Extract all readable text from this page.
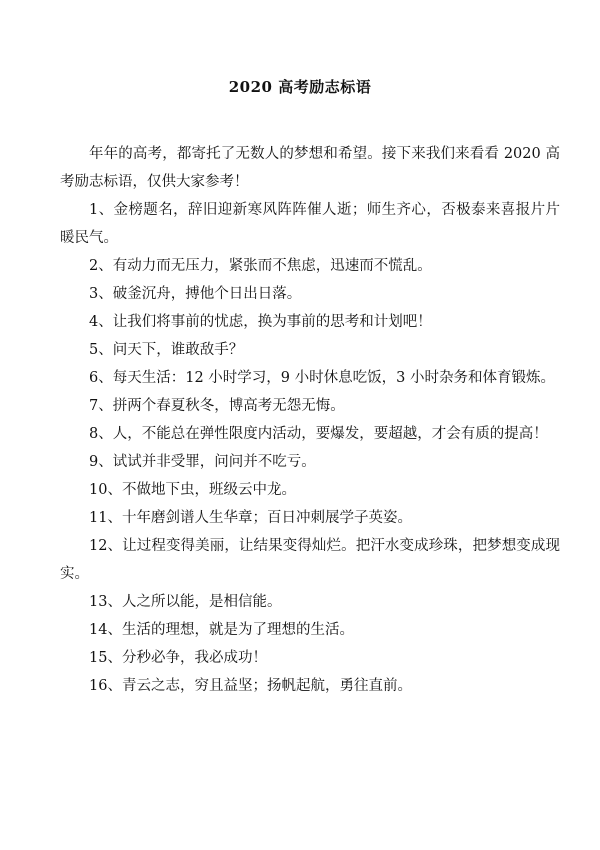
2020 高考励志标语

年年的高考，都寄托了无数人的梦想和希望。接下来我们来看看 2020 高考励志标语，仅供大家参考！

1、金榜题名，辞旧迎新寒风阵阵催人逝；师生齐心，否极泰来喜报片片暖民气。

2、有动力而无压力，紧张而不焦虑，迅速而不慌乱。

3、破釜沉舟，搏他个日出日落。

4、让我们将事前的忧虑，换为事前的思考和计划吧！

5、问天下，谁敢敌手？

6、每天生活：12 小时学习，9 小时休息吃饭，3 小时杂务和体育锻炼。

7、拼两个春夏秋冬，博高考无怨无悔。

8、人，不能总在弹性限度内活动，要爆发，要超越，才会有质的提高！

9、试试并非受罪，问问并不吃亏。

10、不做地下虫，班级云中龙。

11、十年磨剑谱人生华章；百日冲刺展学子英姿。

12、让过程变得美丽，让结果变得灿烂。把汗水变成珍珠，把梦想变成现实。

13、人之所以能，是相信能。

14、生活的理想，就是为了理想的生活。

15、分秒必争，我必成功！

16、青云之志，穷且益坚；扬帆起航，勇往直前。
